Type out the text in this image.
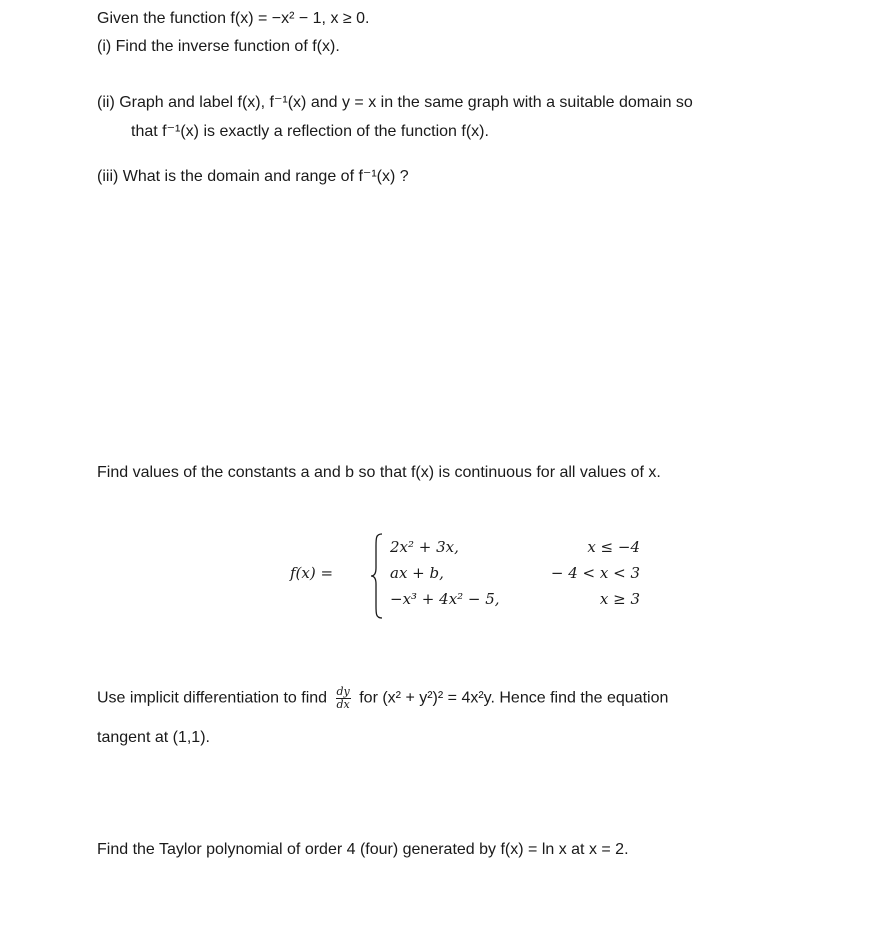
Given the function f(x) = −x² − 1, x ≥ 0.
(i) Find the inverse function of f(x).
(ii) Graph and label f(x), f⁻¹(x) and y = x in the same graph with a suitable domain so
that f⁻¹(x) is exactly a reflection of the function f(x).
(iii) What is the domain and range of f⁻¹(x) ?
Find values of the constants a and b so that f(x) is continuous for all values of x.
f(x) =
2x² + 3x,	x ≤ −4
ax + b,	− 4 < x < 3
−x³ + 4x² − 5,	x ≥ 3
Use implicit differentiation to find $\frac{dy}{dx}$ for (x² + y²)² = 4x²y. Hence find the equation
tangent at (1,1).
Find the Taylor polynomial of order 4 (four) generated by f(x) = ln x at x = 2.
